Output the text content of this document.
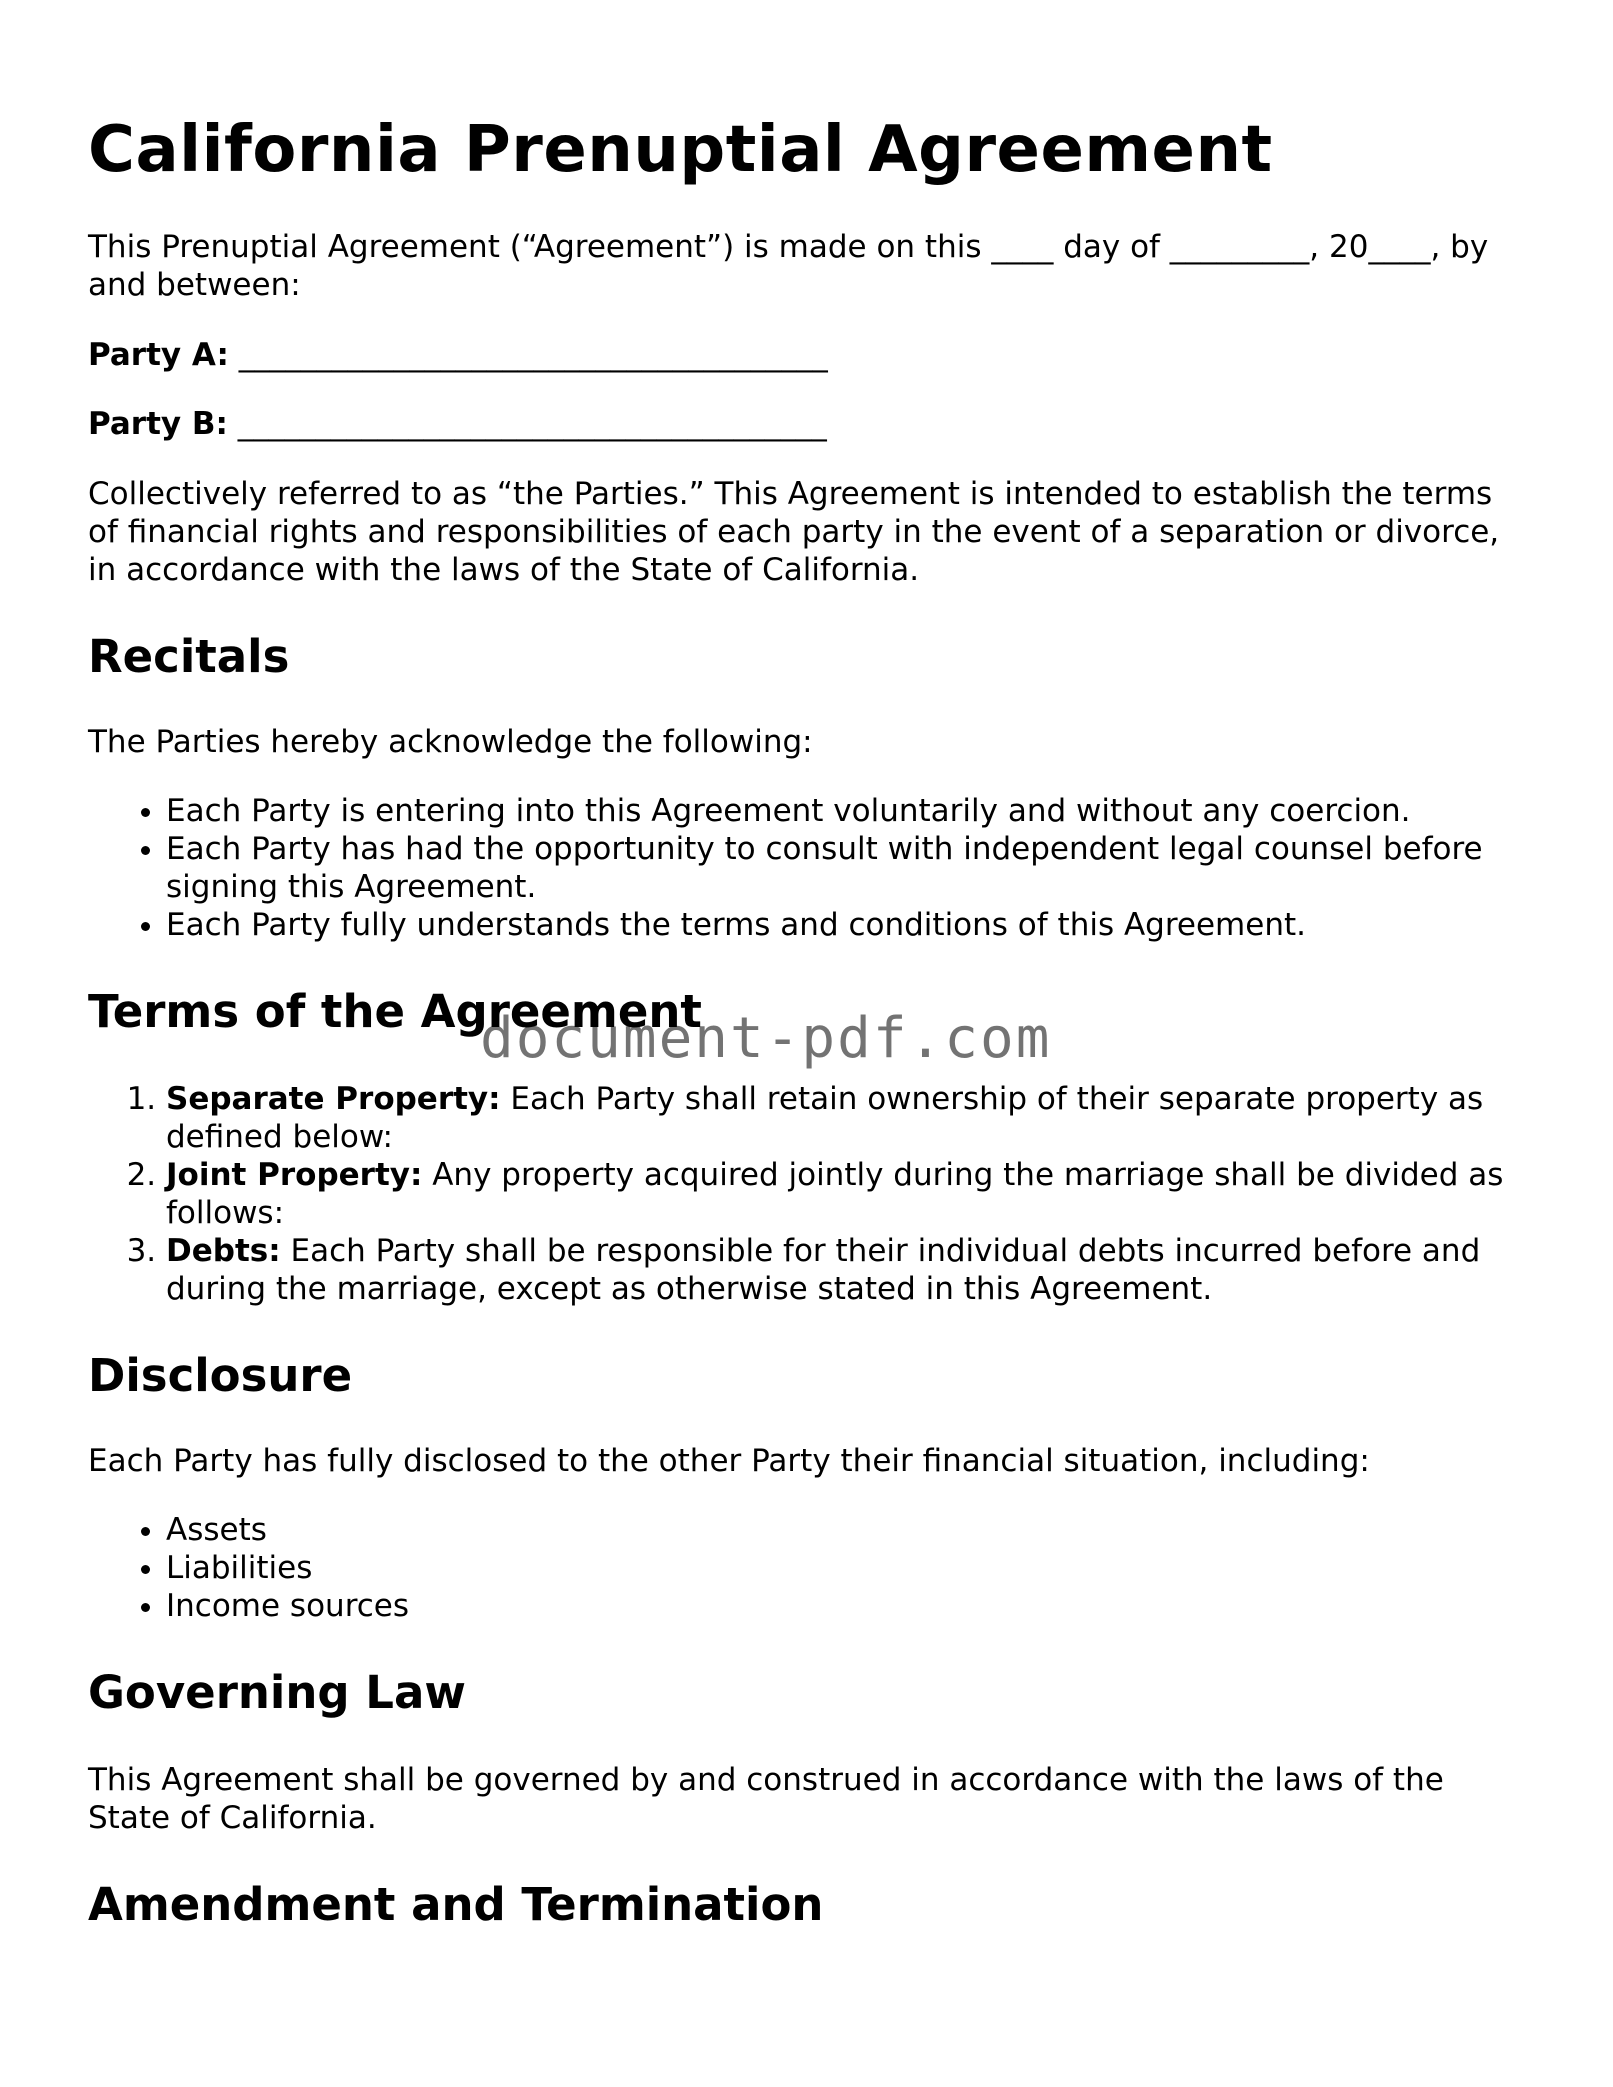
California Prenuptial Agreement

This Prenuptial Agreement (“Agreement”) is made on this ____ day of _________, 20____, by and between:

Party A: ______________________________________

Party B: ______________________________________

Collectively referred to as “the Parties.” This Agreement is intended to establish the terms of financial rights and responsibilities of each party in the event of a separation or divorce, in accordance with the laws of the State of California.

Recitals

The Parties hereby acknowledge the following:

• Each Party is entering into this Agreement voluntarily and without any coercion.
• Each Party has had the opportunity to consult with independent legal counsel before signing this Agreement.
• Each Party fully understands the terms and conditions of this Agreement.
Terms of the Agreement
1. Separate Property: Each Party shall retain ownership of their separate property as defined below:
2. Joint Property: Any property acquired jointly during the marriage shall be divided as follows:
3. Debts: Each Party shall be responsible for their individual debts incurred before and during the marriage, except as otherwise stated in this Agreement.
Disclosure

Each Party has fully disclosed to the other Party their financial situation, including:

• Assets
• Liabilities
• Income sources
Governing Law

This Agreement shall be governed by and construed in accordance with the laws of the State of California.

Amendment and Termination
document-pdf.com
